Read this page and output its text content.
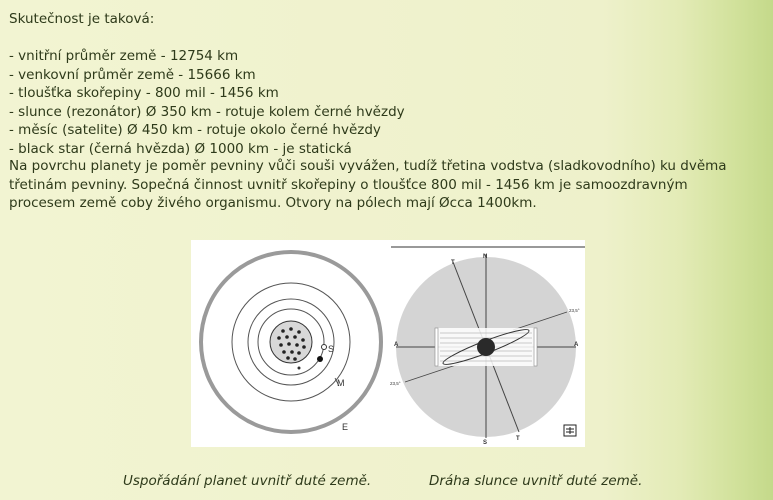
Skutečnost je taková:
- vnitřní průměr země - 12754 km
- venkovní průměr země - 15666 km
- tloušťka skořepiny - 800 mil - 1456 km
- slunce (rezonátor) Ø 350 km - rotuje kolem černé hvězdy
- měsíc (satelite) Ø 450 km - rotuje okolo černé hvězdy
- black star (černá hvězda) Ø 1000 km - je statická
Na povrchu planety je poměr pevniny vůči souši vyvážen, tudíž třetina vodstva (sladkovodního) ku dvěma třetinám pevniny. Sopečná činnost uvnitř skořepiny o tloušťce 800 mil - 1456 km je samoozdravným procesem země coby živého organismu. Otvory na pólech mají Øcca 1400km.
S
M
E
N
S
T
T
A	A
23,5°
23,5°
Uspořádání planet uvnitř duté země.	Dráha slunce uvnitř duté země.
